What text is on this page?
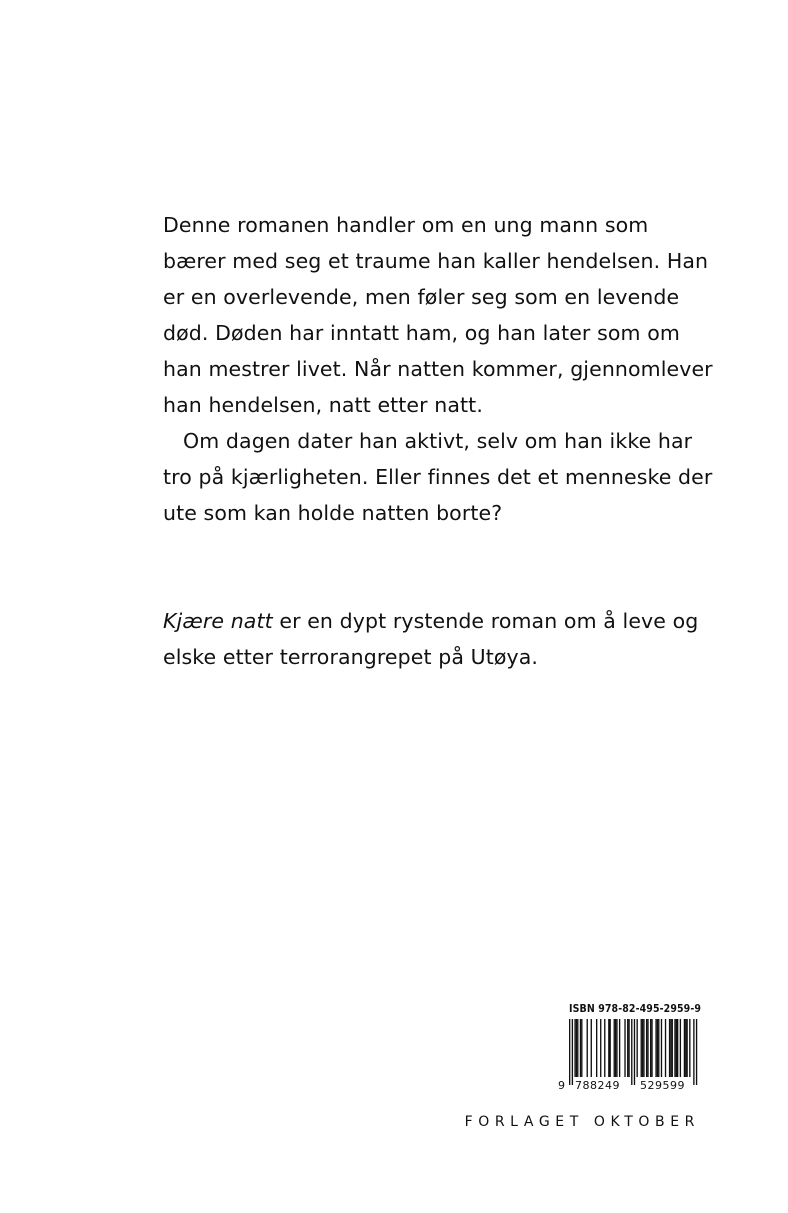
Denne romanen handler om en ung mann som
bærer med seg et traume han kaller hendelsen. Han
er en overlevende, men føler seg som en levende
død. Døden har inntatt ham, og han later som om
han mestrer livet. Når natten kommer, gjennomlever
han hendelsen, natt etter natt.
Om dagen dater han aktivt, selv om han ikke har
tro på kjærligheten. Eller finnes det et menneske der
ute som kan holde natten borte?
Kjære natt er en dypt rystende roman om å leve og
elske etter terrorangrepet på Utøya.
ISBN 978-82-495-2959-9
9 788249 529599
FORLAGET OKTOBER
